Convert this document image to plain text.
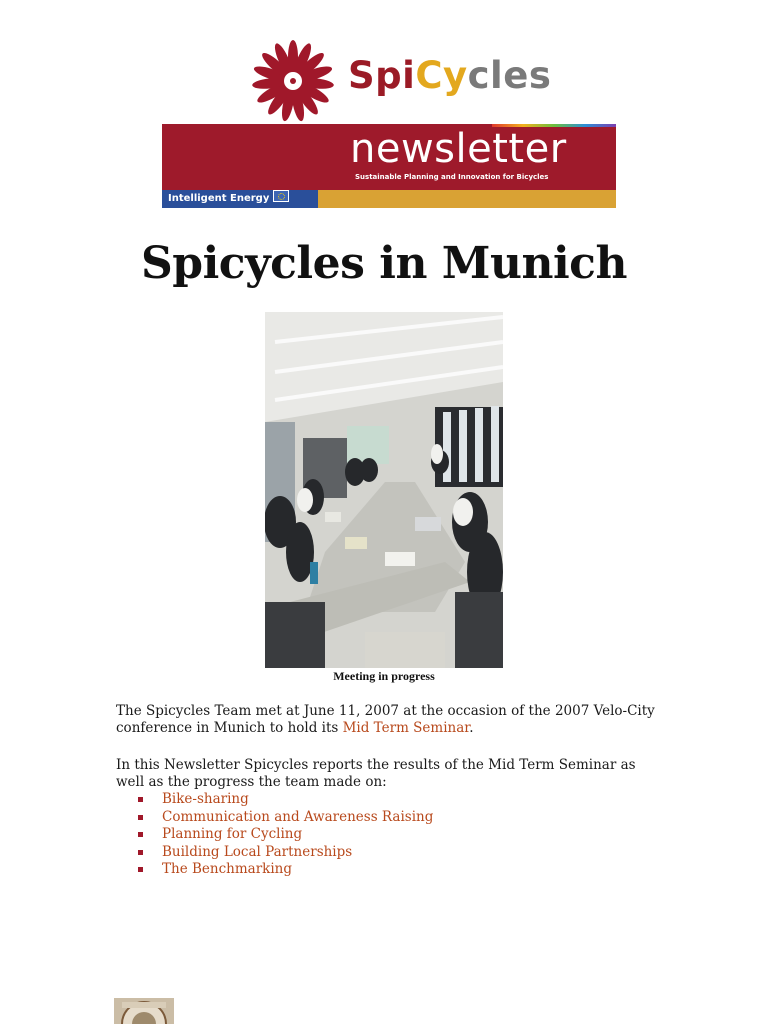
SpiCycles
newsletter
Sustainable Planning and Innovation for Bicycles
Intelligent EnergyEurope
Spicycles in Munich
Meeting in progress
The Spicycles Team met at June 11, 2007 at the occasion of the 2007 Velo-City conference in Munich to hold its Mid Term Seminar.
In this Newsletter Spicycles reports the results of the Mid Term Seminar as well as the progress the team made on:
Bike-sharing
Communication and Awareness Raising
Planning for Cycling
Building Local Partnerships
The Benchmarking
